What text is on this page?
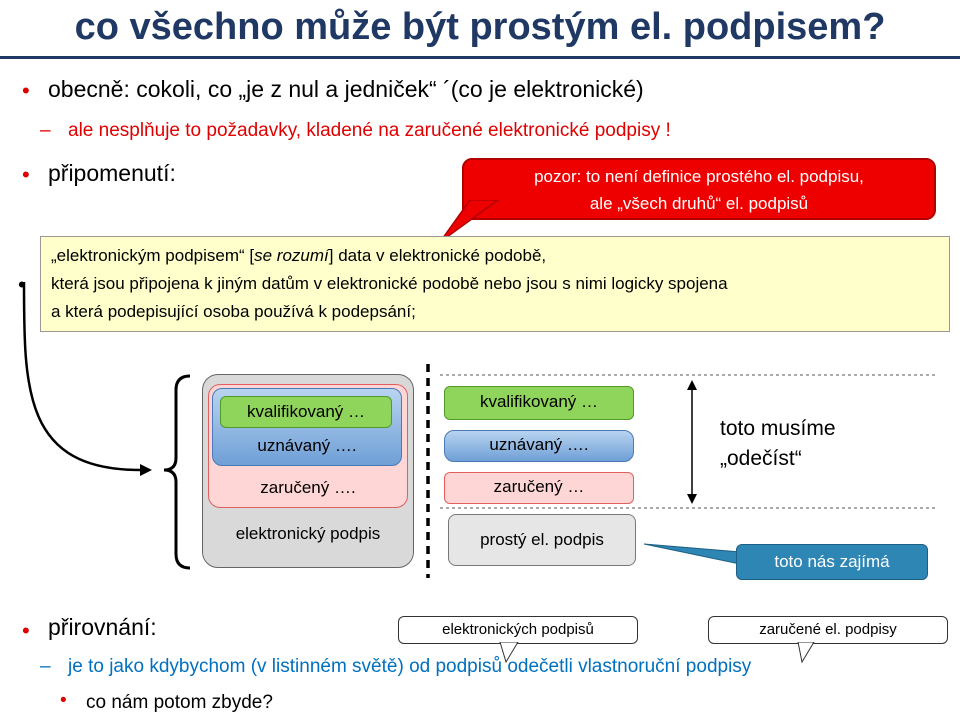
co všechno může být prostým el. podpisem?
• obecně: cokoli, co „je z nul a jedniček“ ´(co je elektronické)
– ale nesplňuje to požadavky, kladené na zaručené elektronické podpisy !
• připomenutí:	pozor: to není definice prostého el. podpisu,
ale „všech druhů“ el. podpisů
„elektronickým podpisem“ [se rozumí] data v elektronické podobě,
která jsou připojena k jiným datům v elektronické podobě nebo jsou s nimi logicky spojena
a která podepisující osoba používá k podepsání;
•
kvalifikovaný …
uznávaný ….
zaručený ….
elektronický podpis
kvalifikovaný …
uznávaný ….
zaručený …
prostý el. podpis
toto musíme
„odečíst“
toto nás zajímá
• přirovnání:	elektronických podpisů	zaručené el. podpisy
– je to jako kdybychom (v listinném světě) od podpisů odečetli vlastnoruční podpisy
• co nám potom zbyde?
